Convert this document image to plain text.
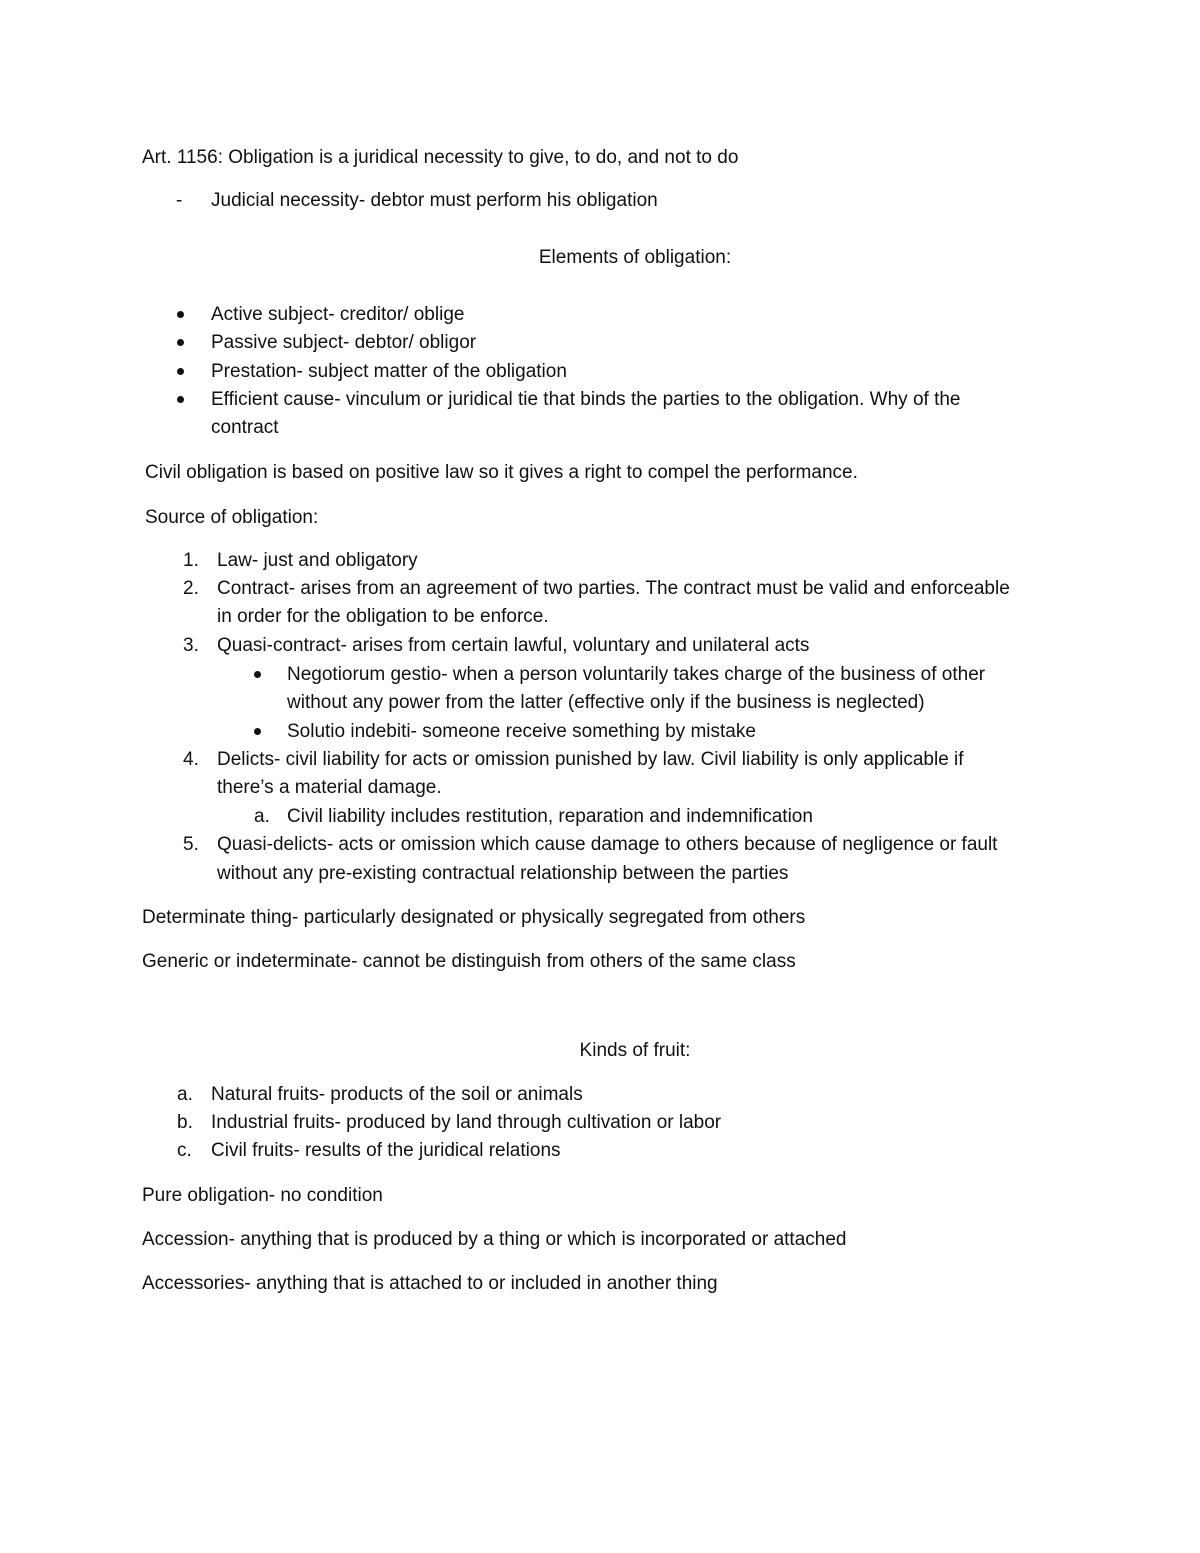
Art. 1156: Obligation is a juridical necessity to give, to do, and not to do
- Judicial necessity- debtor must perform his obligation
Elements of obligation:
Active subject- creditor/ oblige
Passive subject- debtor/ obligor
Prestation- subject matter of the obligation
Efficient cause- vinculum or juridical tie that binds the parties to the obligation. Why of the
contract
Civil obligation is based on positive law so it gives a right to compel the performance.
Source of obligation:
1. Law- just and obligatory
2. Contract- arises from an agreement of two parties. The contract must be valid and enforceable
in order for the obligation to be enforce.
3. Quasi-contract- arises from certain lawful, voluntary and unilateral acts
Negotiorum gestio- when a person voluntarily takes charge of the business of other
without any power from the latter (effective only if the business is neglected)
Solutio indebiti- someone receive something by mistake
4. Delicts- civil liability for acts or omission punished by law. Civil liability is only applicable if
there’s a material damage.
a. Civil liability includes restitution, reparation and indemnification
5. Quasi-delicts- acts or omission which cause damage to others because of negligence or fault
without any pre-existing contractual relationship between the parties
Determinate thing- particularly designated or physically segregated from others
Generic or indeterminate- cannot be distinguish from others of the same class
Kinds of fruit:
a. Natural fruits- products of the soil or animals
b. Industrial fruits- produced by land through cultivation or labor
c. Civil fruits- results of the juridical relations
Pure obligation- no condition
Accession- anything that is produced by a thing or which is incorporated or attached
Accessories- anything that is attached to or included in another thing
